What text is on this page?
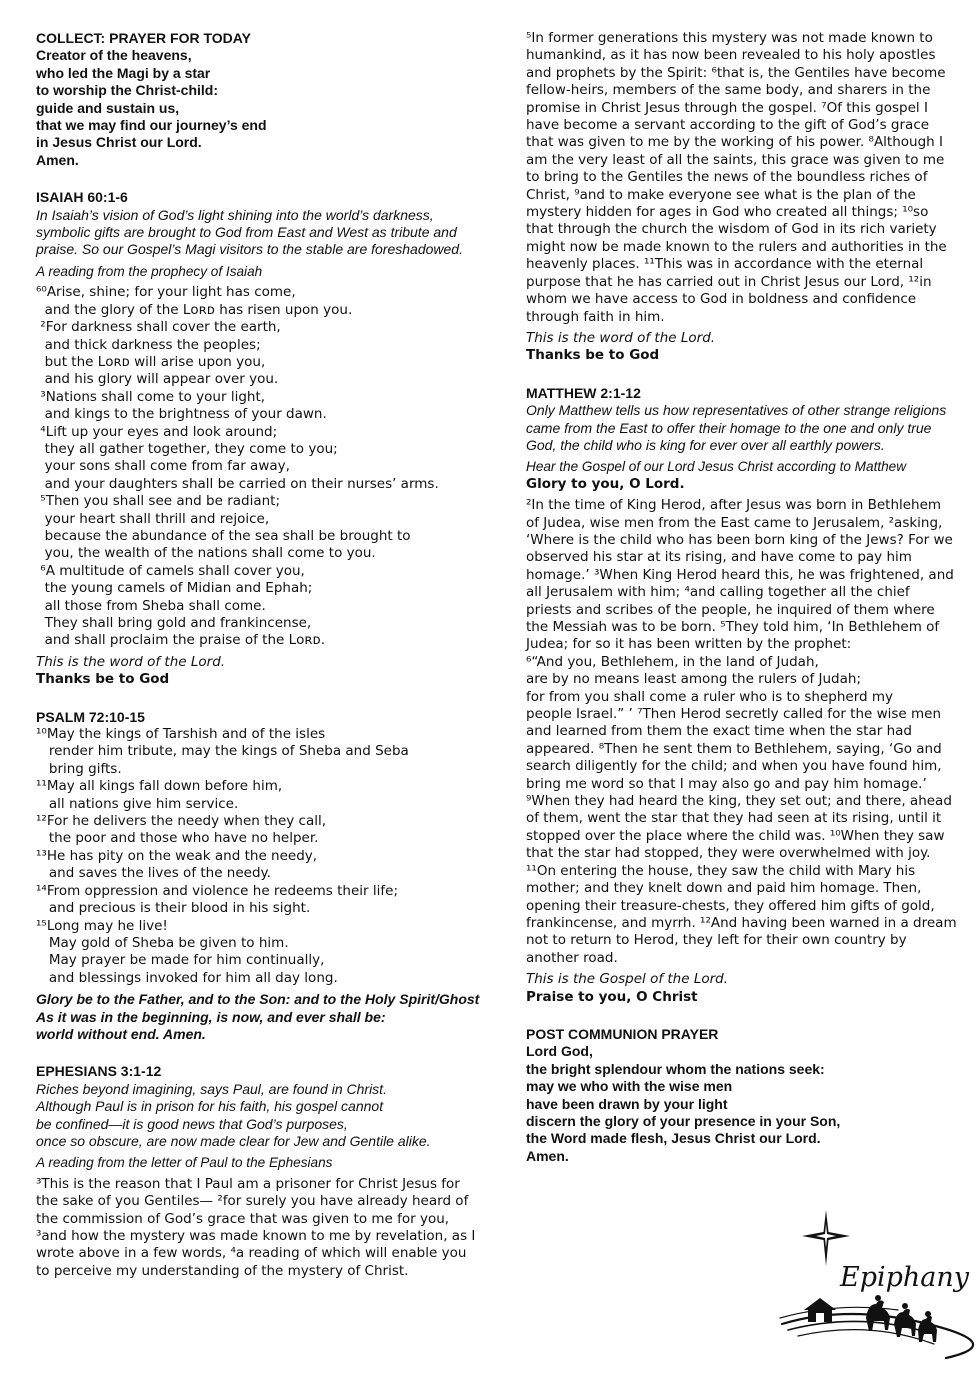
COLLECT: PRAYER FOR TODAY
Creator of the heavens,
who led the Magi by a star
to worship the Christ-child:
guide and sustain us,
that we may find our journey’s end
in Jesus Christ our Lord.
Amen.
ISAIAH 60:1-6
In Isaiah’s vision of God’s light shining into the world’s darkness, symbolic gifts are brought to God from East and West as tribute and praise. So our Gospel’s Magi visitors to the stable are foreshadowed.
A reading from the prophecy of Isaiah
⁶⁰Arise, shine; for your light has come,
and the glory of the Lᴏʀᴅ has risen upon you.
²For darkness shall cover the earth,
and thick darkness the peoples;
but the Lᴏʀᴅ will arise upon you,
and his glory will appear over you.
³Nations shall come to your light,
and kings to the brightness of your dawn.
⁴Lift up your eyes and look around;
they all gather together, they come to you;
your sons shall come from far away,
and your daughters shall be carried on their nurses’ arms.
⁵Then you shall see and be radiant;
your heart shall thrill and rejoice,
because the abundance of the sea shall be brought to
you, the wealth of the nations shall come to you.
⁶A multitude of camels shall cover you,
the young camels of Midian and Ephah;
all those from Sheba shall come.
They shall bring gold and frankincense,
and shall proclaim the praise of the Lᴏʀᴅ.
This is the word of the Lord.
Thanks be to God
PSALM 72:10-15
¹⁰May the kings of Tarshish and of the isles
render him tribute, may the kings of Sheba and Seba
bring gifts.
¹¹May all kings fall down before him,
all nations give him service.
¹²For he delivers the needy when they call,
the poor and those who have no helper.
¹³He has pity on the weak and the needy,
and saves the lives of the needy.
¹⁴From oppression and violence he redeems their life;
and precious is their blood in his sight.
¹⁵Long may he live!
May gold of Sheba be given to him.
May prayer be made for him continually,
and blessings invoked for him all day long.
Glory be to the Father, and to the Son: and to the Holy Spirit/Ghost
As it was in the beginning, is now, and ever shall be:
world without end. Amen.
EPHESIANS 3:1-12
Riches beyond imagining, says Paul, are found in Christ.
Although Paul is in prison for his faith, his gospel cannot
be confined—it is good news that God’s purposes,
once so obscure, are now made clear for Jew and Gentile alike.
A reading from the letter of Paul to the Ephesians
³This is the reason that I Paul am a prisoner for Christ Jesus for the sake of you Gentiles— ²for surely you have already heard of the commission of God’s grace that was given to me for you, ³and how the mystery was made known to me by revelation, as I wrote above in a few words, ⁴a reading of which will enable you to perceive my understanding of the mystery of Christ.
⁵In former generations this mystery was not made known to humankind, as it has now been revealed to his holy apostles and prophets by the Spirit: ⁶that is, the Gentiles have become fellow-heirs, members of the same body, and sharers in the promise in Christ Jesus through the gospel. ⁷Of this gospel I have become a servant according to the gift of God’s grace that was given to me by the working of his power. ⁸Although I am the very least of all the saints, this grace was given to me to bring to the Gentiles the news of the boundless riches of Christ, ⁹and to make everyone see what is the plan of the mystery hidden for ages in God who created all things; ¹⁰so that through the church the wisdom of God in its rich variety might now be made known to the rulers and authorities in the heavenly places. ¹¹This was in accordance with the eternal purpose that he has carried out in Christ Jesus our Lord, ¹²in whom we have access to God in boldness and confidence through faith in him.
This is the word of the Lord.
Thanks be to God
MATTHEW 2:1-12
Only Matthew tells us how representatives of other strange religions came from the East to offer their homage to the one and only true God, the child who is king for ever over all earthly powers.
Hear the Gospel of our Lord Jesus Christ according to Matthew
Glory to you, O Lord.
²In the time of King Herod, after Jesus was born in Bethlehem of Judea, wise men from the East came to Jerusalem, ²asking, ‘Where is the child who has been born king of the Jews? For we observed his star at its rising, and have come to pay him homage.’ ³When King Herod heard this, he was frightened, and all Jerusalem with him; ⁴and calling together all the chief priests and scribes of the people, he inquired of them where the Messiah was to be born. ⁵They told him, ‘In Bethlehem of Judea; for so it has been written by the prophet:
⁶“And you, Bethlehem, in the land of Judah,
are by no means least among the rulers of Judah;
for from you shall come a ruler who is to shepherd my
people Israel.” ’ ⁷Then Herod secretly called for the wise men and learned from them the exact time when the star had appeared. ⁸Then he sent them to Bethlehem, saying, ‘Go and search diligently for the child; and when you have found him, bring me word so that I may also go and pay him homage.’ ⁹When they had heard the king, they set out; and there, ahead of them, went the star that they had seen at its rising, until it stopped over the place where the child was. ¹⁰When they saw that the star had stopped, they were overwhelmed with joy. ¹¹On entering the house, they saw the child with Mary his mother; and they knelt down and paid him homage. Then, opening their treasure-chests, they offered him gifts of gold, frankincense, and myrrh. ¹²And having been warned in a dream not to return to Herod, they left for their own country by another road.
This is the Gospel of the Lord.
Praise to you, O Christ
POST COMMUNION PRAYER
Lord God,
the bright splendour whom the nations seek:
may we who with the wise men
have been drawn by your light
discern the glory of your presence in your Son,
the Word made flesh, Jesus Christ our Lord.
Amen.
Epiphany
